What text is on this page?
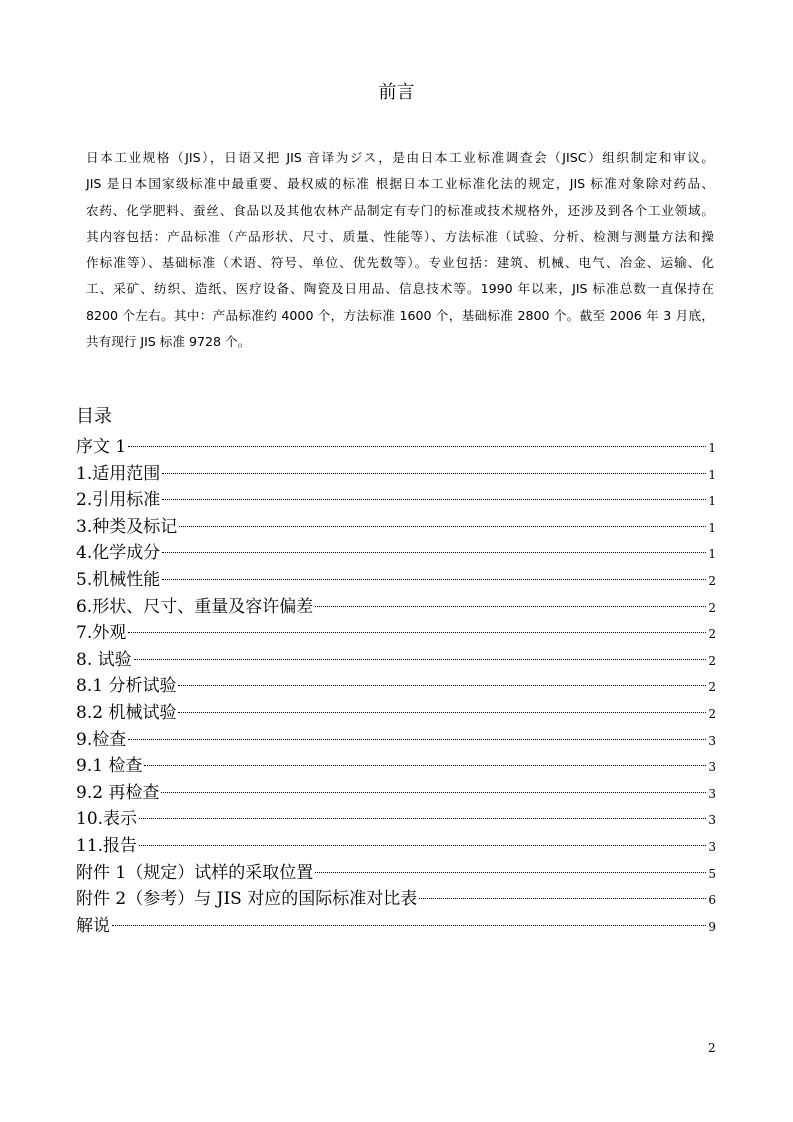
前言
日本工业规格（JIS），日语又把 JIS 音译为ジス，是由日本工业标准调查会（JISC）组织制定和审议。
JIS 是日本国家级标准中最重要、最权威的标准 根据日本工业标准化法的规定，JIS 标准对象除对药品、
农药、化学肥料、蚕丝、食品以及其他农林产品制定有专门的标准或技术规格外，还涉及到各个工业领域。
其内容包括：产品标准（产品形状、尺寸、质量、性能等）、方法标准（试验、分析、检测与测量方法和操
作标准等）、基础标准（术语、符号、单位、优先数等）。专业包括：建筑、机械、电气、冶金、运输、化
工、采矿、纺织、造纸、医疗设备、陶瓷及日用品、信息技术等。1990 年以来，JIS 标准总数一直保持在
8200 个左右。其中：产品标准约 4000 个，方法标准 1600 个，基础标准 2800 个。截至 2006 年 3 月底，
共有现行 JIS 标准 9728 个。
目录
序文 1	1
1.适用范围	1
2.引用标准	1
3.种类及标记	1
4.化学成分	1
5.机械性能	2
6.形状、尺寸、重量及容许偏差	2
7.外观	2
8. 试验	2
8.1 分析试验	2
8.2 机械试验	2
9.检查	3
9.1 检查	3
9.2 再检查	3
10.表示	3
11.报告	3
附件 1（规定）试样的采取位置	5
附件 2（参考）与 JIS 对应的国际标准对比表	6
解说	9
2
